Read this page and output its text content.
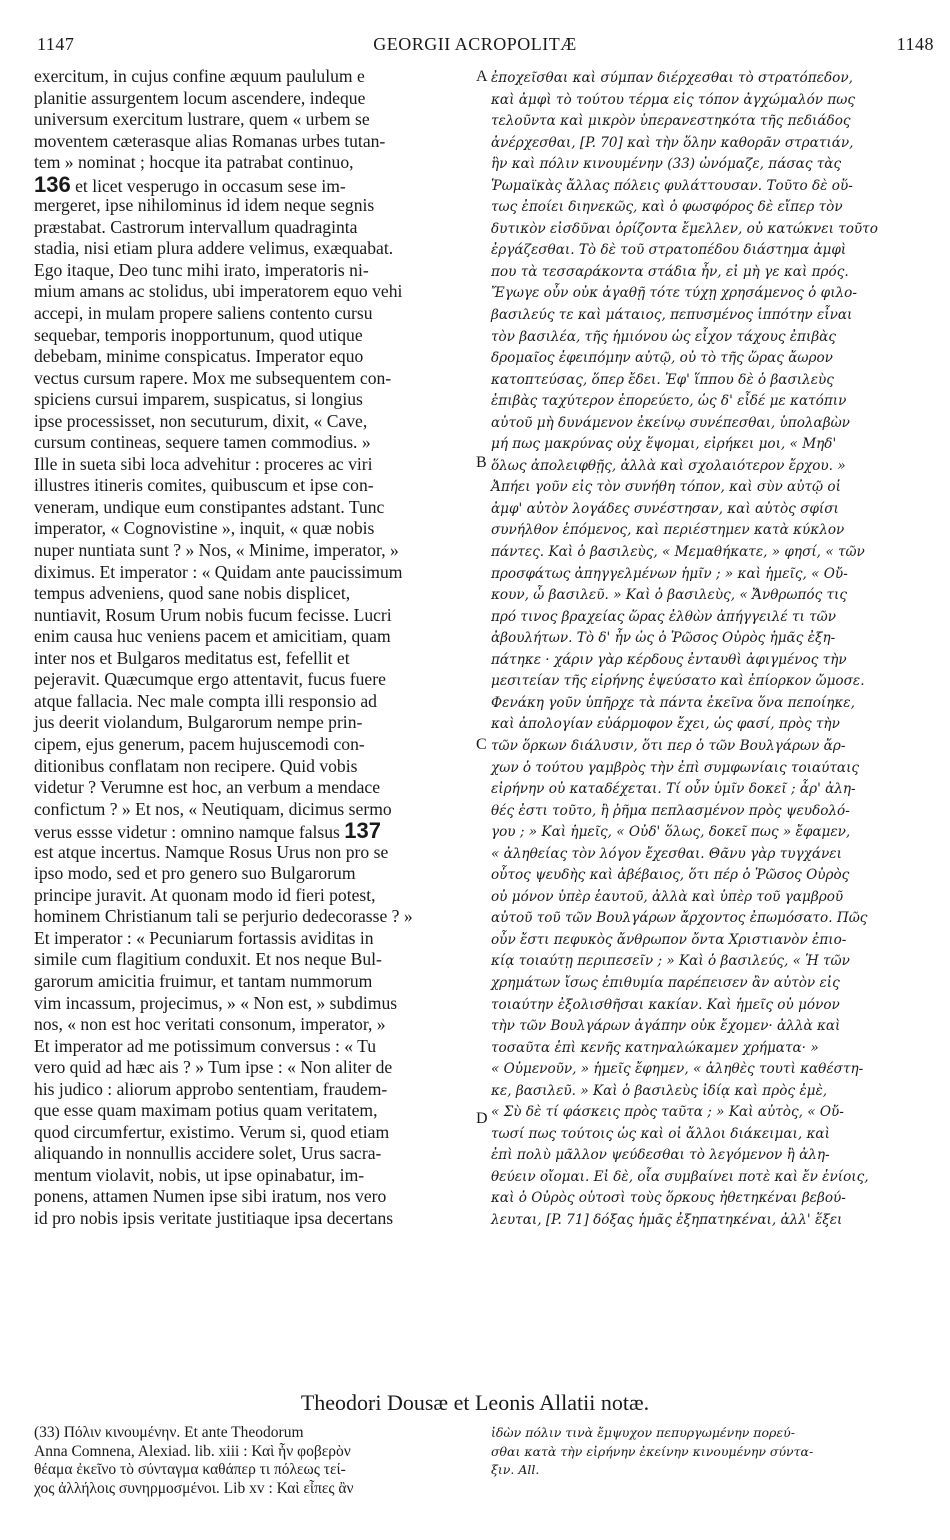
1147	GEORGII ACROPOLITÆ	1148
exercitum, in cujus confine æquum paululum e
planitie assurgentem locum ascendere, indeque
universum exercitum lustrare, quem « urbem se
moventem cæterasque alias Romanas urbes tutan-
tem » nominat ; hocque ita patrabat continuo,
136 et licet vesperugo in occasum sese im-
mergeret, ipse nihilominus id idem neque segnis
præstabat. Castrorum intervallum quadraginta
stadia, nisi etiam plura addere velimus, exæquabat.
Ego itaque, Deo tunc mihi irato, imperatoris ni-
mium amans ac stolidus, ubi imperatorem equo vehi
accepi, in mulam propere saliens contento cursu
sequebar, temporis inopportunum, quod utique
debebam, minime conspicatus. Imperator equo
vectus cursum rapere. Mox me subsequentem con-
spiciens cursui imparem, suspicatus, si longius
ipse processisset, non secuturum, dixit, « Cave,
cursum contineas, sequere tamen commodius. »
Ille in sueta sibi loca advehitur : proceres ac viri
illustres itineris comites, quibuscum et ipse con-
veneram, undique eum constipantes adstant. Tunc
imperator, « Cognovistine », inquit, « quæ nobis
nuper nuntiata sunt ? » Nos, « Minime, imperator, »
diximus. Et imperator : « Quidam ante paucissimum
tempus adveniens, quod sane nobis displicet,
nuntiavit, Rosum Urum nobis fucum fecisse. Lucri
enim causa huc veniens pacem et amicitiam, quam
inter nos et Bulgaros meditatus est, fefellit et
pejeravit. Quæcumque ergo attentavit, fucus fuere
atque fallacia. Nec male compta illi responsio ad
jus deerit violandum, Bulgarorum nempe prin-
cipem, ejus generum, pacem hujuscemodi con-
ditionibus conflatam non recipere. Quid vobis
videtur ? Verumne est hoc, an verbum a mendace
confictum ? » Et nos, « Neutiquam, dicimus sermo
verus essse videtur : omnino namque falsus 137
est atque incertus. Namque Rosus Urus non pro se
ipso modo, sed et pro genero suo Bulgarorum
principe juravit. At quonam modo id fieri potest,
hominem Christianum tali se perjurio dedecorasse ? »
Et imperator : « Pecuniarum fortassis aviditas in
simile cum flagitium conduxit. Et nos neque Bul-
garorum amicitia fruimur, et tantam nummorum
vim incassum, projecimus, » « Non est, » subdimus
nos, « non est hoc veritati consonum, imperator, »
Et imperator ad me potissimum conversus : « Tu
vero quid ad hæc ais ? » Tum ipse : « Non aliter de
his judico : aliorum approbo sententiam, fraudem-
que esse quam maximam potius quam veritatem,
quod circumfertur, existimo. Verum si, quod etiam
aliquando in nonnullis accidere solet, Urus sacra-
mentum violavit, nobis, ut ipse opinabatur, im-
ponens, attamen Numen ipse sibi iratum, nos vero
id pro nobis ipsis veritate justitiaque ipsa decertans
ἐποχεῖσθαι καὶ σύμπαν διέρχεσθαι τὸ στρατόπεδον,
καὶ ἀμφὶ τὸ τούτου τέρμα εἰς τόπον ἀγχώμαλόν πως
τελοῦντα καὶ μικρὸν ὑπερανεστηκότα τῆς πεδιάδος
ἀνέρχεσθαι, [P. 70] καὶ τὴν ὅλην καθορᾶν στρατιάν,
ἣν καὶ πόλιν κινουμένην (33) ὠνόμαζε, πάσας τὰς
Ῥωμαϊκὰς ἄλλας πόλεις φυλάττουσαν. Τοῦτο δὲ οὕ-
τως ἐποίει διηνεκῶς, καὶ ὁ φωσφόρος δὲ εἴπερ τὸν
δυτικὸν εἰσδῦναι ὁρίζοντα ἔμελλεν, οὐ κατώκνει τοῦτο
ἐργάζεσθαι. Τὸ δὲ τοῦ στρατοπέδου διάστημα ἀμφὶ
που τὰ τεσσαράκοντα στάδια ἦν, εἰ μὴ γε καὶ πρός.
Ἔγωγε οὖν οὐκ ἀγαθῇ τότε τύχῃ χρησάμενος ὁ φιλο-
βασιλεύς τε καὶ μάταιος, πεπυσμένος ἱππότην εἶναι
τὸν βασιλέα, τῆς ἡμιόνου ὡς εἶχον τάχους ἐπιβὰς
δρομαῖος ἐφειπόμην αὐτῷ, οὐ τὸ τῆς ὥρας ἄωρον
κατοπτεύσας, ὅπερ ἔδει. Ἐφ' ἵππου δὲ ὁ βασιλεὺς
ἐπιβὰς ταχύτερον ἐπορεύετο, ὡς δ' εἶδέ με κατόπιν
αὐτοῦ μὴ δυνάμενον ἐκείνῳ συνέπεσθαι, ὑπολαβὼν
μή πως μακρύνας οὐχ ἕψομαι, εἰρήκει μοι, « Μηδ'
ὅλως ἀπολειφθῇς, ἀλλὰ καὶ σχολαιότερον ἔρχου. »
Ἀπήει γοῦν εἰς τὸν συνήθη τόπον, καὶ σὺν αὐτῷ οἱ
ἀμφ' αὐτὸν λογάδες συνέστησαν, καὶ αὐτὸς σφίσι
συνήλθον ἑπόμενος, καὶ περιέστημεν κατὰ κύκλον
πάντες. Καὶ ὁ βασιλεὺς, « Μεμαθήκατε, » φησί, « τῶν
προσφάτως ἀπηγγελμένων ἡμῖν ; » καὶ ἡμεῖς, « Οὔ-
κουν, ὦ βασιλεῦ. » Καὶ ὁ βασιλεὺς, « Ἄνθρωπός τις
πρό τινος βραχείας ὥρας ἐλθὼν ἀπήγγειλέ τι τῶν
ἀβουλήτων. Τὸ δ' ἦν ὡς ὁ Ῥῶσος Οὐρὸς ἡμᾶς ἐξη-
πάτηκε · χάριν γὰρ κέρδους ἐνταυθὶ ἀφιγμένος τὴν
μεσιτείαν τῆς εἰρήνης ἐψεύσατο καὶ ἐπίορκον ὤμοσε.
Φενάκη γοῦν ὑπῆρχε τὰ πάντα ἐκεῖνα ὅνα πεποίηκε,
καὶ ἀπολογίαν εὐάρμοφον ἔχει, ὡς φασί, πρὸς τὴν
τῶν ὅρκων διάλυσιν, ὅτι περ ὁ τῶν Βουλγάρων ἄρ-
χων ὁ τούτου γαμβρὸς τὴν ἐπὶ συμφωνίαις τοιαύταις
εἰρήνην οὐ καταδέχεται. Τί οὖν ὑμῖν δοκεῖ ; ἆρ' ἀλη-
θές ἐστι τοῦτο, ἢ ῥῆμα πεπλασμένον πρὸς ψευδολό-
γου ; » Καὶ ἡμεῖς, « Οὐδ' ὅλως, δοκεῖ πως » ἔφαμεν,
« ἀληθείας τὸν λόγον ἔχεσθαι. Θᾶνυ γὰρ τυγχάνει
οὗτος ψευδὴς καὶ ἀβέβαιος, ὅτι πέρ ὁ Ῥῶσος Οὐρὸς
οὐ μόνον ὑπὲρ ἑαυτοῦ, ἀλλὰ καὶ ὑπὲρ τοῦ γαμβροῦ
αὐτοῦ τοῦ τῶν Βουλγάρων ἄρχοντος ἐπωμόσατο. Πῶς
οὖν ἔστι πεφυκὸς ἄνθρωπον ὄντα Χριστιανὸν ἐπιο-
κίᾳ τοιαύτῃ περιπεσεῖν ; » Καὶ ὁ βασιλεύς, « Ἡ τῶν
χρημάτων ἴσως ἐπιθυμία παρέπεισεν ἂν αὐτὸν εἰς
τοιαύτην ἐξολισθῆσαι κακίαν. Καὶ ἡμεῖς οὐ μόνον
τὴν τῶν Βουλγάρων ἀγάπην οὐκ ἔχομεν· ἀλλὰ καὶ
τοσαῦτα ἐπὶ κενῆς κατηναλώκαμεν χρήματα· »
« Οὐμενοῦν, » ἡμεῖς ἔφημεν, « ἀληθὲς τουτὶ καθέστη-
κε, βασιλεῦ. » Καὶ ὁ βασιλεὺς ἰδίᾳ καὶ πρὸς ἐμὲ,
« Σὺ δὲ τί φάσκεις πρὸς ταῦτα ; » Καὶ αὐτὸς, « Οὔ-
τωσί πως τούτοις ὡς καὶ οἱ ἄλλοι διάκειμαι, καὶ
ἐπὶ πολὺ μᾶλλον ψεύδεσθαι τὸ λεγόμενον ἢ ἀλη-
θεύειν οἴομαι. Εἰ δὲ, οἷα συμβαίνει ποτὲ καὶ ἔν ἐνίοις,
καὶ ὁ Οὐρὸς οὑτοσὶ τοὺς ὅρκους ἠθετηκέναι βεβού-
λευται, [P. 71] δόξας ἡμᾶς ἐξηπατηκέναι, ἀλλ' ἕξει
A
B
C
D
Theodori Dousæ et Leonis Allatii notæ.
(33) Πόλιν κινουμένην. Et ante Theodorum
Anna Comnena, Alexiad. lib. xiii : Καὶ ἦν φοβερὸν
θέαμα ἐκεῖνο τὸ σύνταγμα καθάπερ τι πόλεως τεί-
χος ἀλλήλοις συνηρμοσμένοι. Lib xv : Καὶ εἶπες ἂν
ἰδὼν πόλιν τινὰ ἔμψυχον πεπυργωμένην πορεύ-
σθαι κατὰ τὴν εἰρήνην ἐκείνην κινουμένην σύντα-
ξιν. All.
